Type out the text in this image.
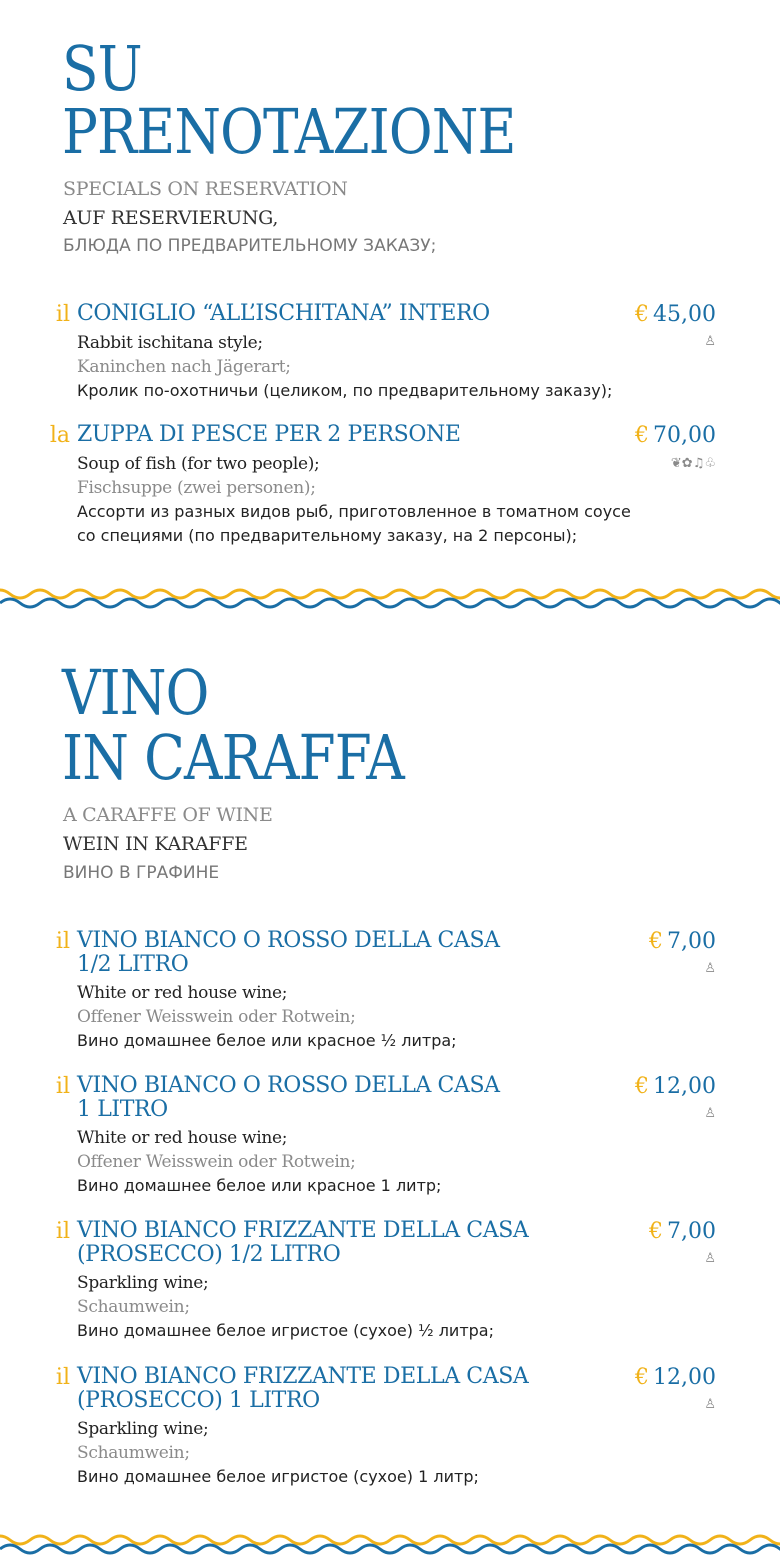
SU
PRENOTAZIONE
SPECIALS ON RESERVATION
AUF RESERVIERUNG,
БЛЮДА ПО ПРЕДВАРИТЕЛЬНОМУ ЗАКАЗУ;
il CONIGLIO “ALL’ISCHITANA” INTERO	€ 45,00
♙
Rabbit ischitana style;
Kaninchen nach Jägerart;
Кролик по-охотничьи (целиком, по предварительному заказу);
la ZUPPA DI PESCE PER 2 PERSONE	€ 70,00
❦✿♫♧
Soup of fish (for two people);
Fischsuppe (zwei personen);
Ассорти из разных видов рыб, приготовленное в томатном соусе
со специями (по предварительному заказу, на 2 персоны);
VINO
IN CARAFFA
A CARAFFE OF WINE
WEIN IN KARAFFE
ВИНО В ГРАФИНЕ
il VINO BIANCO O ROSSO DELLA CASA
1/2 LITRO
€ 7,00
♙
White or red house wine;
Offener Weisswein oder Rotwein;
Вино домашнее белое или красное ½ литра;
il VINO BIANCO O ROSSO DELLA CASA
1 LITRO
€ 12,00
♙
White or red house wine;
Offener Weisswein oder Rotwein;
Вино домашнее белое или красное 1 литр;
il VINO BIANCO FRIZZANTE DELLA CASA
(PROSECCO) 1/2 LITRO
€ 7,00
♙
Sparkling wine;
Schaumwein;
Вино домашнее белое игристое (сухое) ½ литра;
il VINO BIANCO FRIZZANTE DELLA CASA
(PROSECCO) 1 LITRO
€ 12,00
♙
Sparkling wine;
Schaumwein;
Вино домашнее белое игристое (сухое) 1 литр;
